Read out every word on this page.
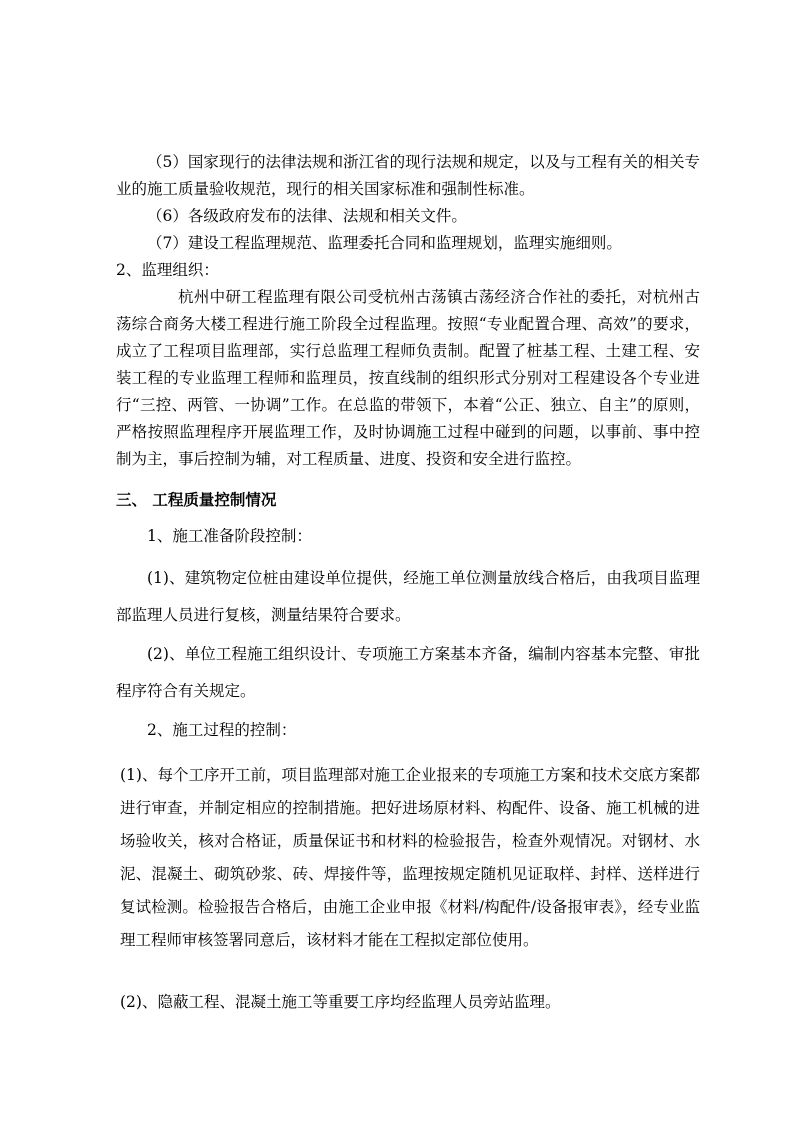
（5）国家现行的法律法规和浙江省的现行法规和规定，以及与工程有关的相关专业的施工质量验收规范，现行的相关国家标准和强制性标准。

（6）各级政府发布的法律、法规和相关文件。

（7）建设工程监理规范、监理委托合同和监理规划，监理实施细则。

2、监理组织：

杭州中研工程监理有限公司受杭州古荡镇古荡经济合作社的委托，对杭州古荡综合商务大楼工程进行施工阶段全过程监理。按照“专业配置合理、高效”的要求，成立了工程项目监理部，实行总监理工程师负责制。配置了桩基工程、土建工程、安装工程的专业监理工程师和监理员，按直线制的组织形式分别对工程建设各个专业进行“三控、两管、一协调”工作。在总监的带领下，本着“公正、独立、自主”的原则，严格按照监理程序开展监理工作，及时协调施工过程中碰到的问题，以事前、事中控制为主，事后控制为辅，对工程质量、进度、投资和安全进行监控。

三、 工程质量控制情况

1、施工准备阶段控制：

(1)、建筑物定位桩由建设单位提供，经施工单位测量放线合格后，由我项目监理部监理人员进行复核，测量结果符合要求。

(2)、单位工程施工组织设计、专项施工方案基本齐备，编制内容基本完整、审批程序符合有关规定。

2、施工过程的控制：

(1)、每个工序开工前，项目监理部对施工企业报来的专项施工方案和技术交底方案都进行审查，并制定相应的控制措施。把好进场原材料、构配件、设备、施工机械的进场验收关，核对合格证，质量保证书和材料的检验报告，检查外观情况。对钢材、水泥、混凝土、砌筑砂浆、砖、焊接件等，监理按规定随机见证取样、封样、送样进行复试检测。检验报告合格后，由施工企业申报《材料/构配件/设备报审表》，经专业监理工程师审核签署同意后，该材料才能在工程拟定部位使用。

(2)、隐蔽工程、混凝土施工等重要工序均经监理人员旁站监理。
